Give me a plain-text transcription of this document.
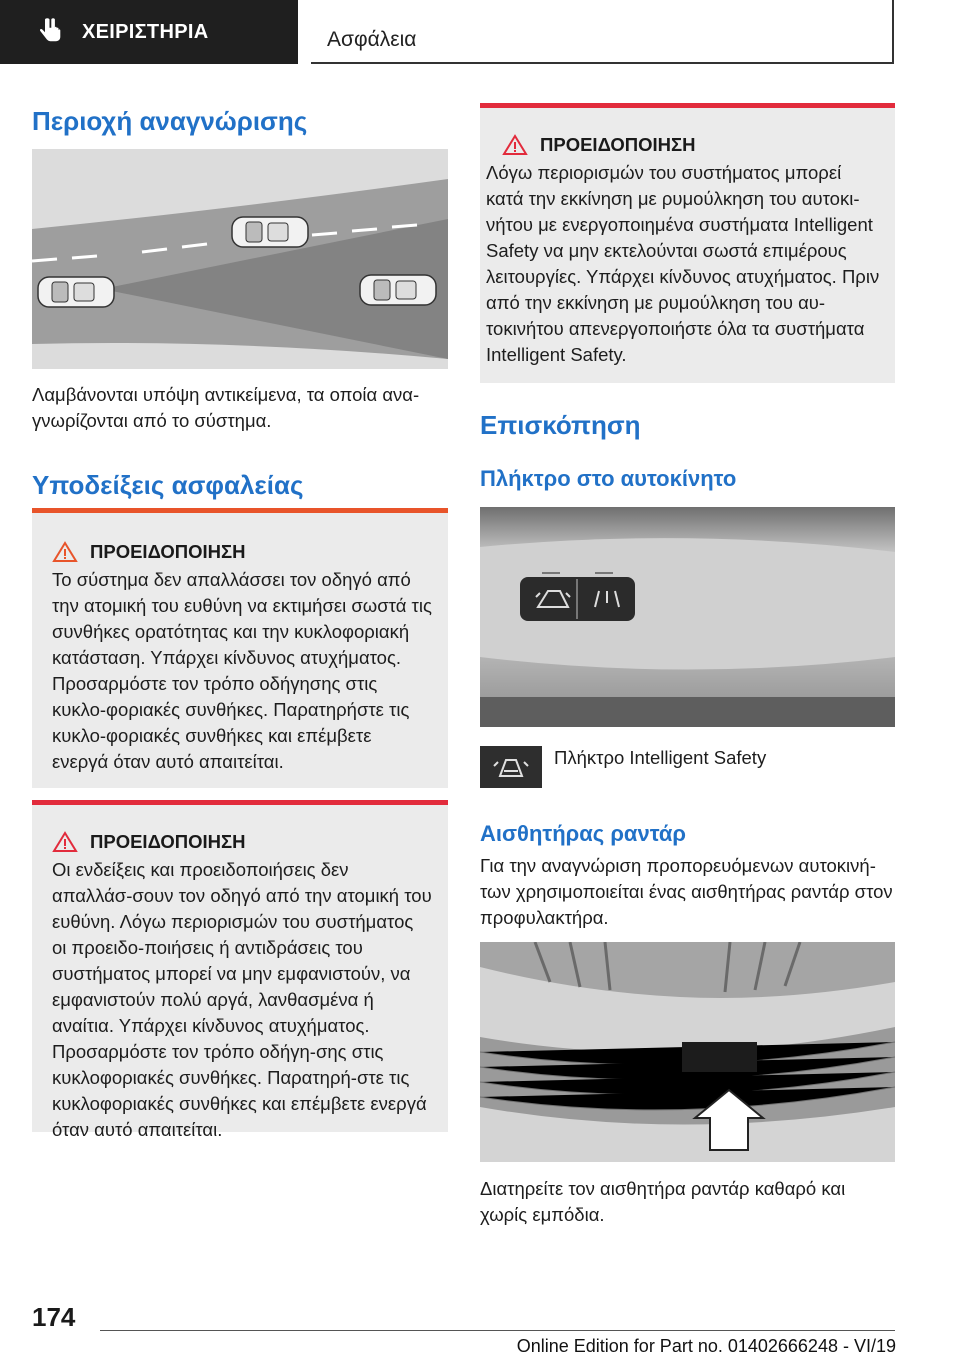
ΧΕΙΡΙΣΤΗΡΙΑ	Ασφάλεια
Περιοχή αναγνώρισης

Λαμβάνονται υπόψη αντικείμενα, τα οποία ανα-γνωρίζονται από το σύστημα.

Υποδείξεις ασφαλείας
ΠΡΟΕΙΔΟΠΟΙΗΣΗ

Το σύστημα δεν απαλλάσσει τον οδηγό από την ατομική του ευθύνη να εκτιμήσει σωστά τις συνθήκες ορατότητας και την κυκλοφοριακή κατάσταση. Υπάρχει κίνδυνος ατυχήματος. Προσαρμόστε τον τρόπο οδήγησης στις κυκλο-φοριακές συνθήκες. Παρατηρήστε τις κυκλο-φοριακές συνθήκες και επέμβετε ενεργά όταν αυτό απαιτείται.

ΠΡΟΕΙΔΟΠΟΙΗΣΗ

Οι ενδείξεις και προειδοποιήσεις δεν απαλλάσ-σουν τον οδηγό από την ατομική του ευθύνη. Λόγω περιορισμών του συστήματος οι προειδο-ποιήσεις ή αντιδράσεις του συστήματος μπορεί να μην εμφανιστούν, να εμφανιστούν πολύ αργά, λανθασμένα ή αναίτια. Υπάρχει κίνδυνος ατυχήματος. Προσαρμόστε τον τρόπο οδήγη-σης στις κυκλοφοριακές συνθήκες. Παρατηρή-στε τις κυκλοφοριακές συνθήκες και επέμβετε ενεργά όταν αυτό απαιτείται.

ΠΡΟΕΙΔΟΠΟΙΗΣΗ

Λόγω περιορισμών του συστήματος μπορεί κατά την εκκίνηση με ρυμούλκηση του αυτοκι-νήτου με ενεργοποιημένα συστήματα Intelligent Safety να μην εκτελούνται σωστά επιμέρους λειτουργίες. Υπάρχει κίνδυνος ατυχήματος. Πριν από την εκκίνηση με ρυμούλκηση του αυ-τοκινήτου απενεργοποιήστε όλα τα συστήματα Intelligent Safety.

Επισκόπηση
Πλήκτρο στο αυτοκίνητο

Πλήκτρο Intelligent Safety

Αισθητήρας ραντάρ

Για την αναγνώριση προπορευόμενων αυτοκινή-των χρησιμοποιείται ένας αισθητήρας ραντάρ στον προφυλακτήρα.

Διατηρείτε τον αισθητήρα ραντάρ καθαρό και χωρίς εμπόδια.

174
Online Edition for Part no. 01402666248 - VI/19
